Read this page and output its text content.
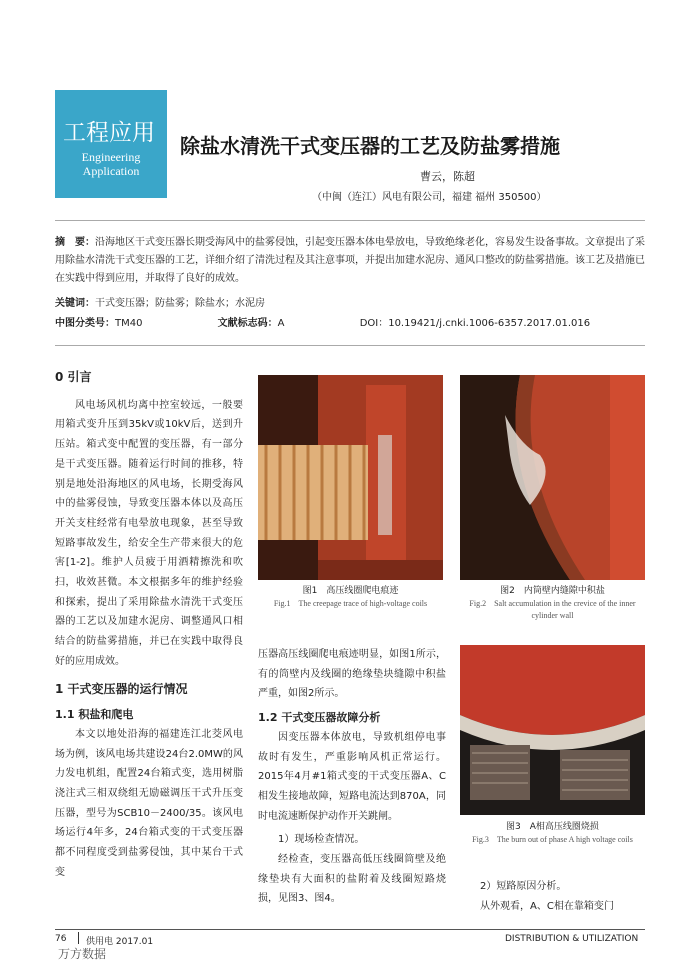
工程应用
Engineering
Application
除盐水清洗干式变压器的工艺及防盐雾措施
曹云，陈超
（中闽（连江）风电有限公司，福建 福州 350500）
摘　要：沿海地区干式变压器长期受海风中的盐雾侵蚀，引起变压器本体电晕放电，导致绝缘老化，容易发生设备事故。文章提出了采用除盐水清洗干式变压器的工艺，详细介绍了清洗过程及其注意事项，并提出加建水泥房、通风口整改的防盐雾措施。该工艺及措施已在实践中得到应用，并取得了良好的成效。
关键词：干式变压器；防盐雾；除盐水；水泥房
中图分类号：TM40	文献标志码：A	DOI：10.19421/j.cnki.1006-6357.2017.01.016
0 引言
风电场风机均离中控室较远，一般要用箱式变升压到35kV或10kV后，送到升压站。箱式变中配置的变压器，有一部分是干式变压器。随着运行时间的推移，特别是地处沿海地区的风电场，长期受海风中的盐雾侵蚀，导致变压器本体以及高压开关支柱经常有电晕放电现象，甚至导致短路事故发生，给安全生产带来很大的危害[1-2]。维护人员疲于用酒精擦洗和吹扫，收效甚微。本文根据多年的维护经验和探索，提出了采用除盐水清洗干式变压器的工艺以及加建水泥房、调整通风口相结合的防盐雾措施，并已在实践中取得良好的应用成效。
1 干式变压器的运行情况
1.1 积盐和爬电
本文以地处沿海的福建连江北茭风电场为例，该风电场共建设24台2.0MW的风力发电机组，配置24台箱式变，选用树脂浇注式三相双绕组无励磁调压干式升压变压器，型号为SCB10－2400/35。该风电场运行4年多，24台箱式变的干式变压器都不同程度受到盐雾侵蚀，其中某台干式变
图1　高压线圈爬电痕迹
Fig.1　The creepage trace of high-voltage coils
图2　内筒壁内缝隙中积盐
Fig.2　Salt accumulation in the crevice of the inner cylinder wall
压器高压线圈爬电痕迹明显，如图1所示，有的筒壁内及线圈的绝缘垫块缝隙中积盐严重，如图2所示。
1.2 干式变压器故障分析
因变压器本体放电，导致机组停电事故时有发生，严重影响风机正常运行。2015年4月#1箱式变的干式变压器A、C相发生接地故障，短路电流达到870A，同时电流速断保护动作开关跳闸。
1）现场检查情况。
经检查，变压器高低压线圈筒壁及绝缘垫块有大面积的盐附着及线圈短路烧损，见图3、图4。
图3　A相高压线圈烧损
Fig.3　The burn out of phase A high voltage coils
2）短路原因分析。
从外观看，A、C相在靠箱变门
76 供用电 2017.01	DISTRIBUTION & UTILIZATION
万方数据
